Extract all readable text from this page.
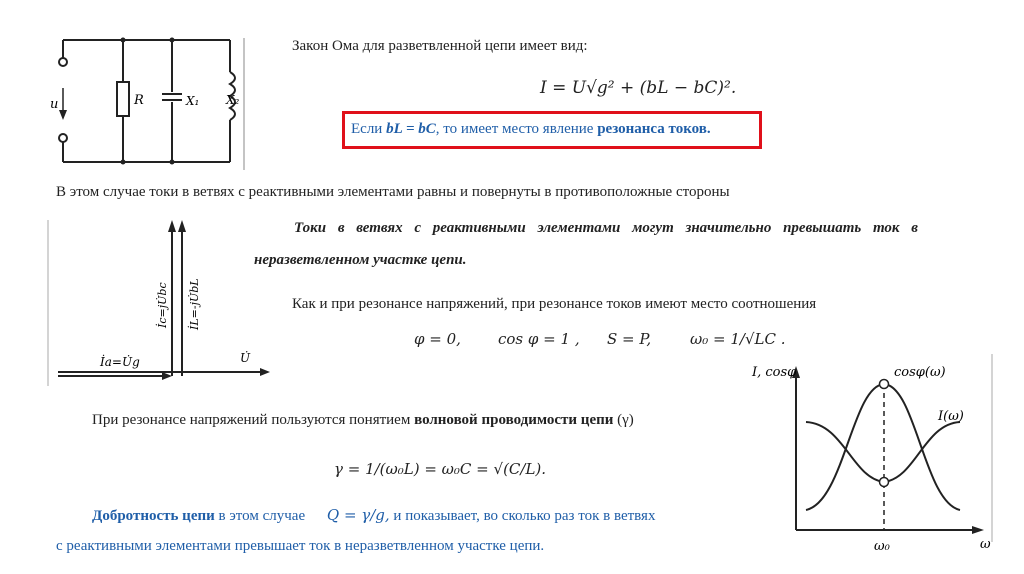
u	R	X₁ X₂
Закон Ома для разветвленной цепи имеет вид:
I = U√g² + (bL − bC)².
Если bL = bC, то имеет место явление резонанса токов.
В этом случае токи в ветвях с реактивными элементами равны и повернуты в противоположные стороны
İc=jU̇bc İL=-jU̇bL
İa=U̇g	U̇
Токи в ветвях с реактивными элементами могут значительно превышать ток в
неразветвленном участке цепи.
Как и при резонансе напряжений, при резонансе токов имеют место соотношения
φ = 0, cos φ = 1 , S = P,	ω₀ = 1/√LC .
При резонансе напряжений пользуются понятием волновой проводимости цепи (γ)
γ = 1/(ω₀L) = ω₀C = √(C/L).
Добротность цепи в этом случае Q = γ/g, и показывает, во сколько раз ток в ветвях
с реактивными элементами превышает ток в неразветвленном участке цепи.
I, cosφ	cosφ(ω)
I(ω)
ω₀	ω
